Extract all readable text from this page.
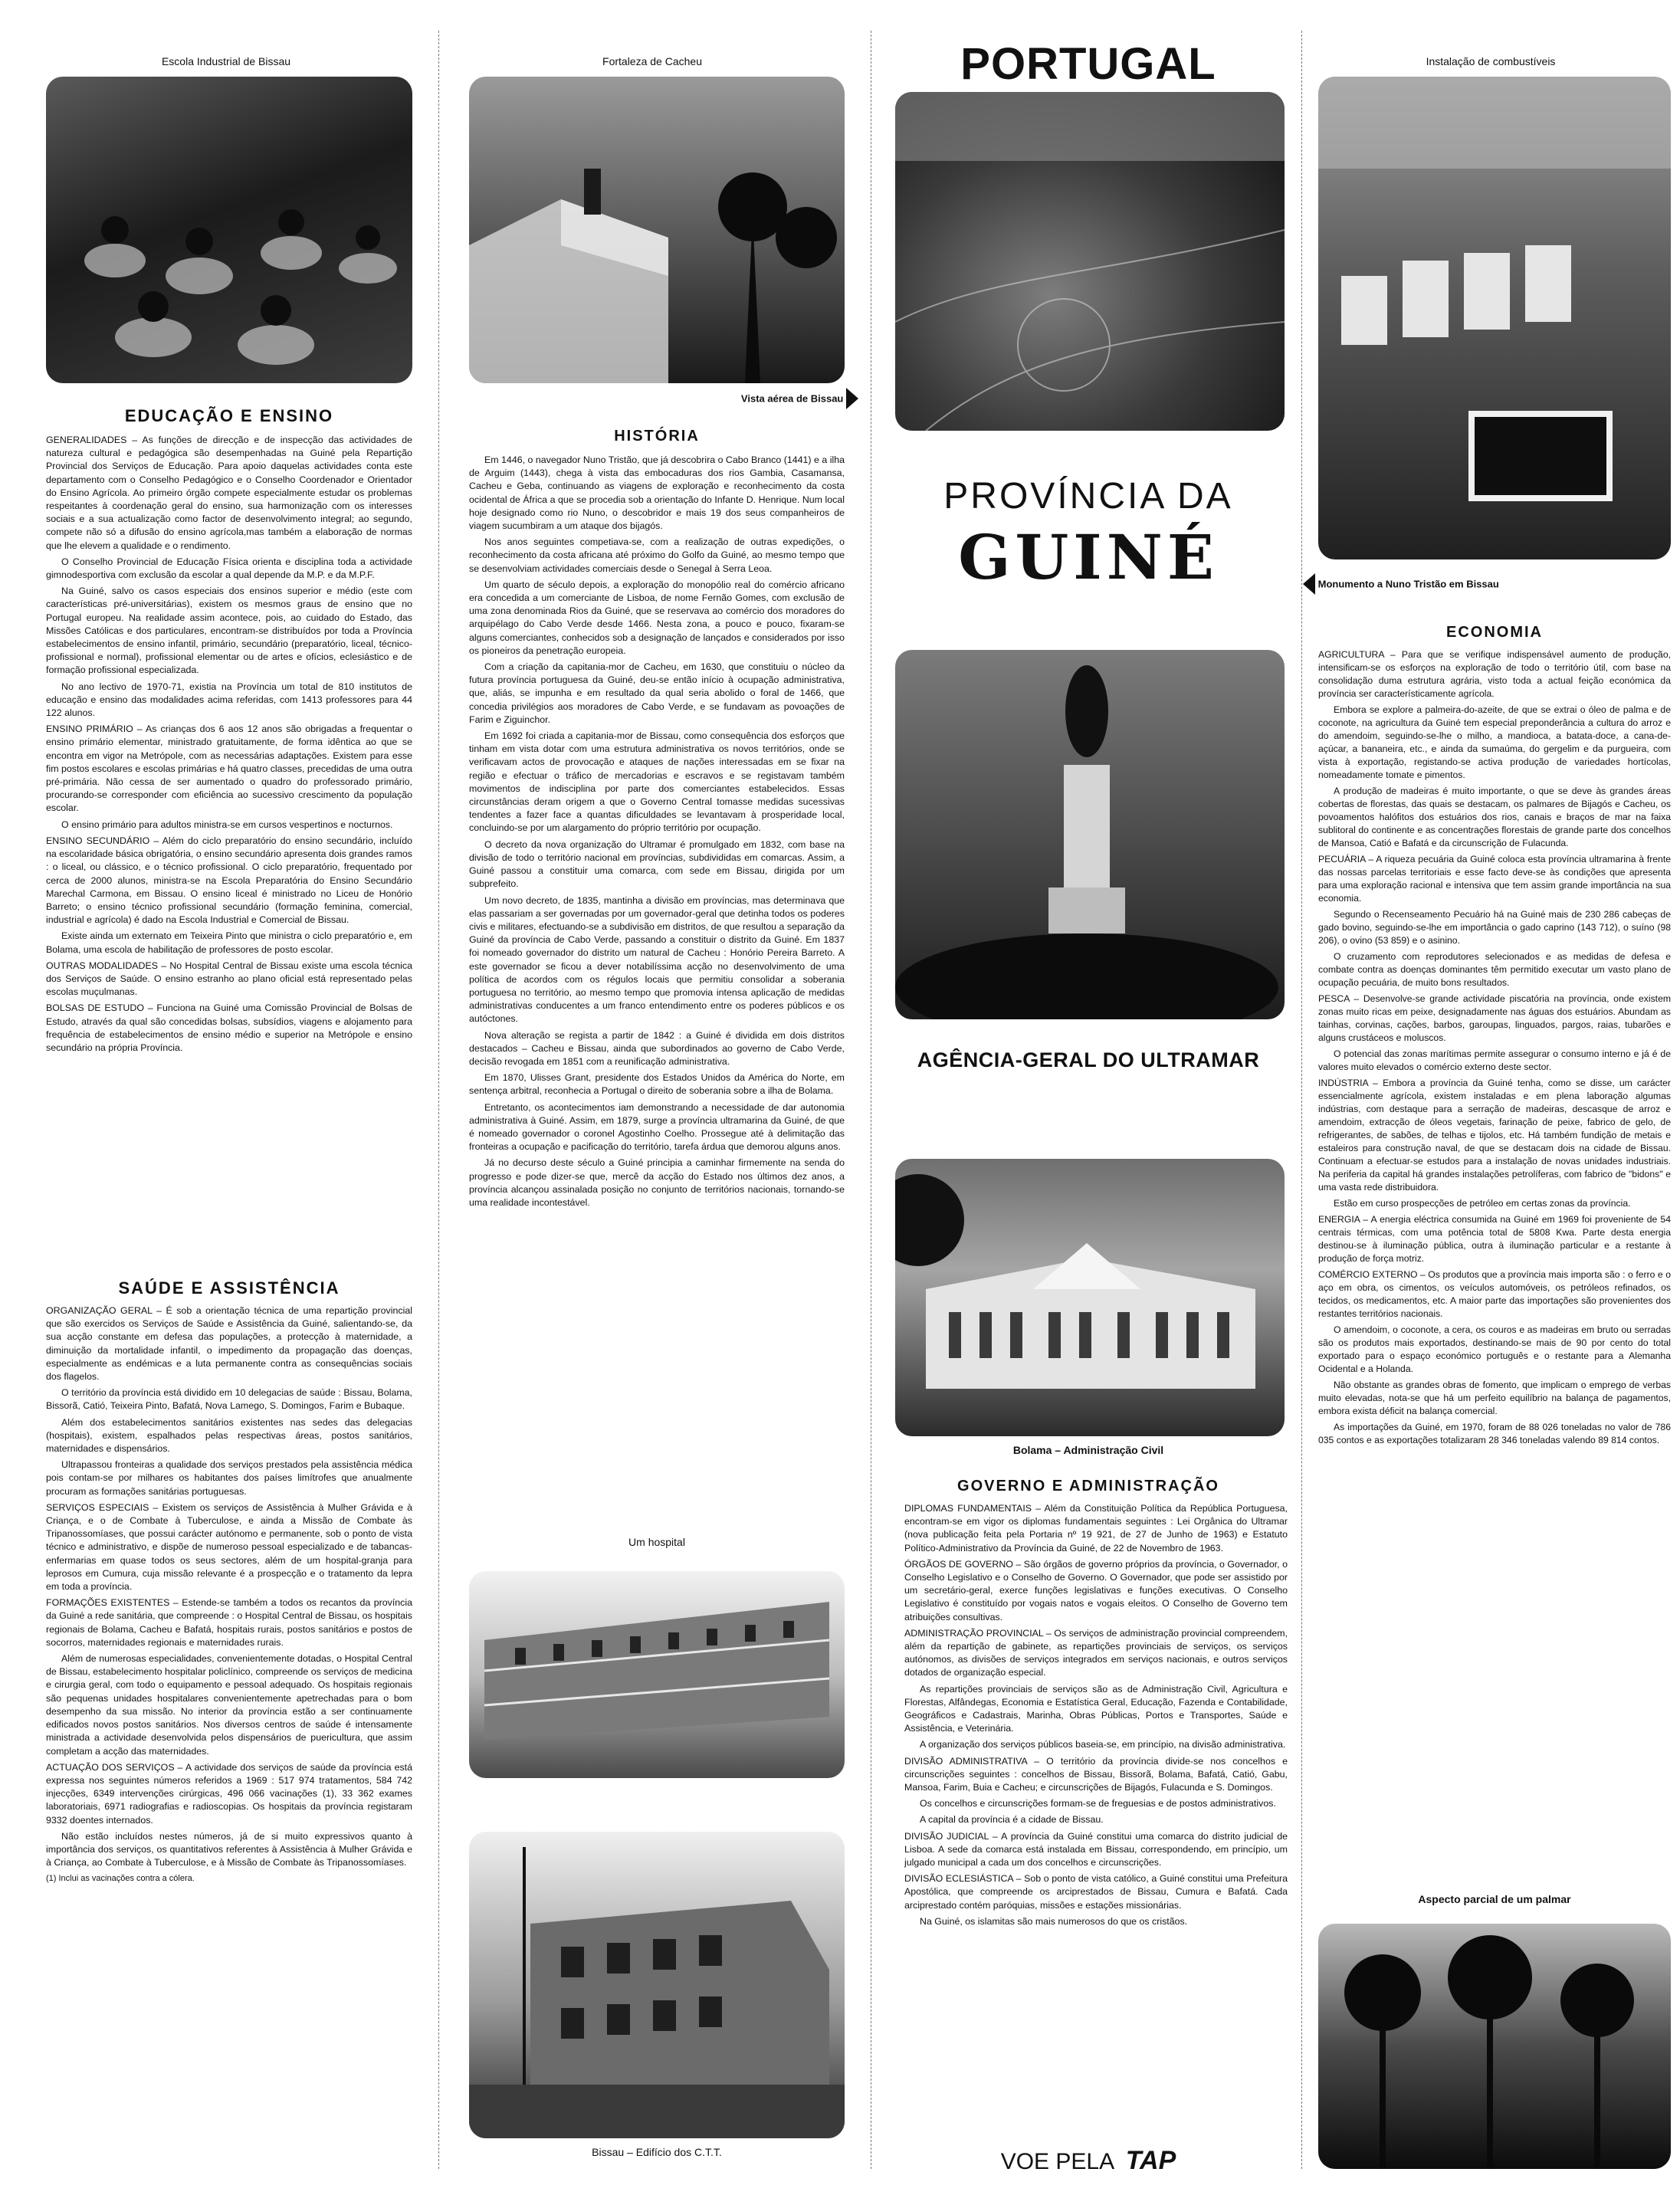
Escola Industrial de Bissau
EDUCAÇÃO E ENSINO

GENERALIDADES – As funções de direcção e de inspecção das actividades de natureza cultural e pedagógica são desempenhadas na Guiné pela Repartição Provincial dos Serviços de Educação. Para apoio daquelas actividades conta este departamento com o Conselho Pedagógico e o Conselho Coordenador e Orientador do Ensino Agrícola. Ao primeiro órgão compete especialmente estudar os problemas respeitantes à coordenação geral do ensino, sua harmonização com os interesses sociais e a sua actualização como factor de desenvolvimento integral; ao segundo, compete não só a difusão do ensino agrícola,mas também a elaboração de normas que lhe elevem a qualidade e o rendimento.

O Conselho Provincial de Educação Física orienta e disciplina toda a actividade gimnodesportiva com exclusão da escolar a qual depende da M.P. e da M.P.F.

Na Guiné, salvo os casos especiais dos ensinos superior e médio (este com características pré-universitárias), existem os mesmos graus de ensino que no Portugal europeu. Na realidade assim acontece, pois, ao cuidado do Estado, das Missões Católicas e dos particulares, encontram-se distribuídos por toda a Província estabelecimentos de ensino infantil, primário, secundário (preparatório, liceal, técnico-profissional e normal), profissional elementar ou de artes e ofícios, eclesiástico e de formação profissional especializada.

No ano lectivo de 1970-71, existia na Província um total de 810 institutos de educação e ensino das modalidades acima referidas, com 1413 professores para 44 122 alunos.

ENSINO PRIMÁRIO – As crianças dos 6 aos 12 anos são obrigadas a frequentar o ensino primário elementar, ministrado gratuitamente, de forma idêntica ao que se encontra em vigor na Metrópole, com as necessárias adaptações. Existem para esse fim postos escolares e escolas primárias e há quatro classes, precedidas de uma outra pré-primária. Não cessa de ser aumentado o quadro do professorado primário, procurando-se corresponder com eficiência ao sucessivo crescimento da população escolar.

O ensino primário para adultos ministra-se em cursos vespertinos e nocturnos.

ENSINO SECUNDÁRIO – Além do ciclo preparatório do ensino secundário, incluído na escolaridade básica obrigatória, o ensino secundário apresenta dois grandes ramos : o liceal, ou clássico, e o técnico profissional. O ciclo preparatório, frequentado por cerca de 2000 alunos, ministra-se na Escola Preparatória do Ensino Secundário Marechal Carmona, em Bissau. O ensino liceal é ministrado no Liceu de Honório Barreto; o ensino técnico profissional secundário (formação feminina, comercial, industrial e agrícola) é dado na Escola Industrial e Comercial de Bissau.

Existe ainda um externato em Teixeira Pinto que ministra o ciclo preparatório e, em Bolama, uma escola de habilitação de professores de posto escolar.

OUTRAS MODALIDADES – No Hospital Central de Bissau existe uma escola técnica dos Serviços de Saúde. O ensino estranho ao plano oficial está representado pelas escolas muçulmanas.

BOLSAS DE ESTUDO – Funciona na Guiné uma Comissão Provincial de Bolsas de Estudo, através da qual são concedidas bolsas, subsídios, viagens e alojamento para frequência de estabelecimentos de ensino médio e superior na Metrópole e ensino secundário na própria Província.

SAÚDE E ASSISTÊNCIA

ORGANIZAÇÃO GERAL – É sob a orientação técnica de uma repartição provincial que são exercidos os Serviços de Saúde e Assistência da Guiné, salientando-se, da sua acção constante em defesa das populações, a protecção à maternidade, a diminuição da mortalidade infantil, o impedimento da propagação das doenças, especialmente as endémicas e a luta permanente contra as consequências sociais dos flagelos.

O território da província está dividido em 10 delegacias de saúde : Bissau, Bolama, Bissorã, Catió, Teixeira Pinto, Bafatá, Nova Lamego, S. Domingos, Farim e Bubaque.

Além dos estabelecimentos sanitários existentes nas sedes das delegacias (hospitais), existem, espalhados pelas respectivas áreas, postos sanitários, maternidades e dispensários.

Ultrapassou fronteiras a qualidade dos serviços prestados pela assistência médica pois contam-se por milhares os habitantes dos países limítrofes que anualmente procuram as formações sanitárias portuguesas.

SERVIÇOS ESPECIAIS – Existem os serviços de Assistência à Mulher Grávida e à Criança, e o de Combate à Tuberculose, e ainda a Missão de Combate às Tripanossomíases, que possui carácter autónomo e permanente, sob o ponto de vista técnico e administrativo, e dispõe de numeroso pessoal especializado e de tabancas-enfermarias em quase todos os seus sectores, além de um hospital-granja para leprosos em Cumura, cuja missão relevante é a prospecção e o tratamento da lepra em toda a província.

FORMAÇÕES EXISTENTES – Estende-se também a todos os recantos da província da Guiné a rede sanitária, que compreende : o Hospital Central de Bissau, os hospitais regionais de Bolama, Cacheu e Bafatá, hospitais rurais, postos sanitários e postos de socorros, maternidades regionais e maternidades rurais.

Além de numerosas especialidades, convenientemente dotadas, o Hospital Central de Bissau, estabelecimento hospitalar policlínico, compreende os serviços de medicina e cirurgia geral, com todo o equipamento e pessoal adequado. Os hospitais regionais são pequenas unidades hospitalares convenientemente apetrechadas para o bom desempenho da sua missão. No interior da província estão a ser continuamente edificados novos postos sanitários. Nos diversos centros de saúde é intensamente ministrada a actividade desenvolvida pelos dispensários de puericultura, que assim completam a acção das maternidades.

ACTUAÇÃO DOS SERVIÇOS – A actividade dos serviços de saúde da província está expressa nos seguintes números referidos a 1969 : 517 974 tratamentos, 584 742 injecções, 6349 intervenções cirúrgicas, 496 066 vacinações (1), 33 362 exames laboratoriais, 6971 radiografias e radioscopias. Os hospitais da província registaram 9332 doentes internados.

Não estão incluídos nestes números, já de si muito expressivos quanto à importância dos serviços, os quantitativos referentes à Assistência à Mulher Grávida e à Criança, ao Combate à Tuberculose, e à Missão de Combate às Tripanossomíases.

(1) Inclui as vacinações contra a cólera.

Fortaleza de Cacheu
Vista aérea de Bissau
HISTÓRIA

Em 1446, o navegador Nuno Tristão, que já descobrira o Cabo Branco (1441) e a ilha de Arguim (1443), chega à vista das embocaduras dos rios Gambia, Casamansa, Cacheu e Geba, continuando as viagens de exploração e reconhecimento da costa ocidental de África a que se procedia sob a orientação do Infante D. Henrique. Num local hoje designado como rio Nuno, o descobridor e mais 19 dos seus companheiros de viagem sucumbiram a um ataque dos bijagós.

Nos anos seguintes competiava-se, com a realização de outras expedições, o reconhecimento da costa africana até próximo do Golfo da Guiné, ao mesmo tempo que se desenvolviam actividades comerciais desde o Senegal à Serra Leoa.

Um quarto de século depois, a exploração do monopólio real do comércio africano era concedida a um comerciante de Lisboa, de nome Fernão Gomes, com exclusão de uma zona denominada Rios da Guiné, que se reservava ao comércio dos moradores do arquipélago do Cabo Verde desde 1466. Nesta zona, a pouco e pouco, fixaram-se alguns comerciantes, conhecidos sob a designação de lançados e considerados por isso os pioneiros da penetração europeia.

Com a criação da capitania-mor de Cacheu, em 1630, que constituiu o núcleo da futura província portuguesa da Guiné, deu-se então início à ocupação administrativa, que, aliás, se impunha e em resultado da qual seria abolido o foral de 1466, que concedia privilégios aos moradores de Cabo Verde, e se fundavam as povoações de Farim e Ziguinchor.

Em 1692 foi criada a capitania-mor de Bissau, como consequência dos esforços que tinham em vista dotar com uma estrutura administrativa os novos territórios, onde se verificavam actos de provocação e ataques de nações interessadas em se fixar na região e efectuar o tráfico de mercadorias e escravos e se registavam também movimentos de indisciplina por parte dos comerciantes estabelecidos. Essas circunstâncias deram origem a que o Governo Central tomasse medidas sucessivas tendentes a fazer face a quantas dificuldades se levantavam à prosperidade local, concluindo-se por um alargamento do próprio território por ocupação.

O decreto da nova organização do Ultramar é promulgado em 1832, com base na divisão de todo o território nacional em províncias, subdivididas em comarcas. Assim, a Guiné passou a constituir uma comarca, com sede em Bissau, dirigida por um subprefeito.

Um novo decreto, de 1835, mantinha a divisão em províncias, mas determinava que elas passariam a ser governadas por um governador-geral que detinha todos os poderes civis e militares, efectuando-se a subdivisão em distritos, de que resultou a separação da Guiné da província de Cabo Verde, passando a constituir o distrito da Guiné. Em 1837 foi nomeado governador do distrito um natural de Cacheu : Honório Pereira Barreto. A este governador se ficou a dever notabilíssima acção no desenvolvimento de uma política de acordos com os régulos locais que permitiu consolidar a soberania portuguesa no território, ao mesmo tempo que promovia intensa aplicação de medidas administrativas conducentes a um franco entendimento entre os poderes públicos e os autóctones.

Nova alteração se regista a partir de 1842 : a Guiné é dividida em dois distritos destacados – Cacheu e Bissau, ainda que subordinados ao governo de Cabo Verde, decisão revogada em 1851 com a reunificação administrativa.

Em 1870, Ulisses Grant, presidente dos Estados Unidos da América do Norte, em sentença arbitral, reconhecia a Portugal o direito de soberania sobre a ilha de Bolama.

Entretanto, os acontecimentos iam demonstrando a necessidade de dar autonomia administrativa à Guiné. Assim, em 1879, surge a província ultramarina da Guiné, de que é nomeado governador o coronel Agostinho Coelho. Prossegue até à delimitação das fronteiras a ocupação e pacificação do território, tarefa árdua que demorou alguns anos.

Já no decurso deste século a Guiné principia a caminhar firmemente na senda do progresso e pode dizer-se que, mercê da acção do Estado nos últimos dez anos, a província alcançou assinalada posição no conjunto de territórios nacionais, tornando-se uma realidade incontestável.

Um hospital
Bissau – Edifício dos C.T.T.
PORTUGAL
PROVÍNCIA DA
GUINÉ
AGÊNCIA-GERAL DO ULTRAMAR
Bolama – Administração Civil
GOVERNO E ADMINISTRAÇÃO

DIPLOMAS FUNDAMENTAIS – Além da Constituição Política da República Portuguesa, encontram-se em vigor os diplomas fundamentais seguintes : Lei Orgânica do Ultramar (nova publicação feita pela Portaria nº 19 921, de 27 de Junho de 1963) e Estatuto Político-Administrativo da Província da Guiné, de 22 de Novembro de 1963.

ÓRGÃOS DE GOVERNO – São órgãos de governo próprios da província, o Governador, o Conselho Legislativo e o Conselho de Governo. O Governador, que pode ser assistido por um secretário-geral, exerce funções legislativas e funções executivas. O Conselho Legislativo é constituído por vogais natos e vogais eleitos. O Conselho de Governo tem atribuições consultivas.

ADMINISTRAÇÃO PROVINCIAL – Os serviços de administração provincial compreendem, além da repartição de gabinete, as repartições provinciais de serviços, os serviços autónomos, as divisões de serviços integrados em serviços nacionais, e outros serviços dotados de organização especial.

As repartições provinciais de serviços são as de Administração Civil, Agricultura e Florestas, Alfândegas, Economia e Estatística Geral, Educação, Fazenda e Contabilidade, Geográficos e Cadastrais, Marinha, Obras Públicas, Portos e Transportes, Saúde e Assistência, e Veterinária.

A organização dos serviços públicos baseia-se, em princípio, na divisão administrativa.

DIVISÃO ADMINISTRATIVA – O território da província divide-se nos concelhos e circunscrições seguintes : concelhos de Bissau, Bissorã, Bolama, Bafatá, Catió, Gabu, Mansoa, Farim, Buia e Cacheu; e circunscrições de Bijagós, Fulacunda e S. Domingos.

Os concelhos e circunscrições formam-se de freguesias e de postos administrativos.

A capital da província é a cidade de Bissau.

DIVISÃO JUDICIAL – A província da Guiné constitui uma comarca do distrito judicial de Lisboa. A sede da comarca está instalada em Bissau, correspondendo, em princípio, um julgado municipal a cada um dos concelhos e circunscrições.

DIVISÃO ECLESIÁSTICA – Sob o ponto de vista católico, a Guiné constitui uma Prefeitura Apostólica, que compreende os arciprestados de Bissau, Cumura e Bafatá. Cada arciprestado contém paróquias, missões e estações missionárias.

Na Guiné, os islamitas são mais numerosos do que os cristãos.

VOE PELA TAP
Instalação de combustíveis
Monumento a Nuno Tristão em Bissau
ECONOMIA

AGRICULTURA – Para que se verifique indispensável aumento de produção, intensificam-se os esforços na exploração de todo o território útil, com base na consolidação duma estrutura agrária, visto toda a actual feição económica da província ser característicamente agrícola.

Embora se explore a palmeira-do-azeite, de que se extrai o óleo de palma e de coconote, na agricultura da Guiné tem especial preponderância a cultura do arroz e do amendoim, seguindo-se-lhe o milho, a mandioca, a batata-doce, a cana-de-açúcar, a bananeira, etc., e ainda da sumaúma, do gergelim e da purgueira, com vista à exportação, registando-se activa produção de variedades hortícolas, nomeadamente tomate e pimentos.

A produção de madeiras é muito importante, o que se deve às grandes áreas cobertas de florestas, das quais se destacam, os palmares de Bijagós e Cacheu, os povoamentos halófitos dos estuários dos rios, canais e braços de mar na faixa sublitoral do continente e as concentrações florestais de grande parte dos concelhos de Mansoa, Catió e Bafatá e da circunscrição de Fulacunda.

PECUÁRIA – A riqueza pecuária da Guiné coloca esta província ultramarina à frente das nossas parcelas territoriais e esse facto deve-se às condições que apresenta para uma exploração racional e intensiva que tem assim grande importância na sua economia.

Segundo o Recenseamento Pecuário há na Guiné mais de 230 286 cabeças de gado bovino, seguindo-se-lhe em importância o gado caprino (143 712), o suíno (98 206), o ovino (53 859) e o asinino.

O cruzamento com reprodutores selecionados e as medidas de defesa e combate contra as doenças dominantes têm permitido executar um vasto plano de ocupação pecuária, de muito bons resultados.

PESCA – Desenvolve-se grande actividade piscatória na província, onde existem zonas muito ricas em peixe, designadamente nas águas dos estuários. Abundam as tainhas, corvinas, cações, barbos, garoupas, linguados, pargos, raias, tubarões e alguns crustáceos e moluscos.

O potencial das zonas marítimas permite assegurar o consumo interno e já é de valores muito elevados o comércio externo deste sector.

INDÚSTRIA – Embora a província da Guiné tenha, como se disse, um carácter essencialmente agrícola, existem instaladas e em plena laboração algumas indústrias, com destaque para a serração de madeiras, descasque de arroz e amendoim, extracção de óleos vegetais, farinação de peixe, fabrico de gelo, de refrigerantes, de sabões, de telhas e tijolos, etc. Há também fundição de metais e estaleiros para construção naval, de que se destacam dois na cidade de Bissau. Continuam a efectuar-se estudos para a instalação de novas unidades industriais. Na periferia da capital há grandes instalações petrolíferas, com fabrico de "bidons" e uma vasta rede distribuidora.

Estão em curso prospecções de petróleo em certas zonas da província.

ENERGIA – A energia eléctrica consumida na Guiné em 1969 foi proveniente de 54 centrais térmicas, com uma potência total de 5808 Kwa. Parte desta energia destinou-se à iluminação pública, outra à iluminação particular e a restante à produção de força motriz.

COMÉRCIO EXTERNO – Os produtos que a província mais importa são : o ferro e o aço em obra, os cimentos, os veículos automóveis, os petróleos refinados, os tecidos, os medicamentos, etc. A maior parte das importações são provenientes dos restantes territórios nacionais.

O amendoim, o coconote, a cera, os couros e as madeiras em bruto ou serradas são os produtos mais exportados, destinando-se mais de 90 por cento do total exportado para o espaço económico português e o restante para a Alemanha Ocidental e a Holanda.

Não obstante as grandes obras de fomento, que implicam o emprego de verbas muito elevadas, nota-se que há um perfeito equilíbrio na balança de pagamentos, embora exista déficit na balança comercial.

As importações da Guiné, em 1970, foram de 88 026 toneladas no valor de 786 035 contos e as exportações totalizaram 28 346 toneladas valendo 89 814 contos.

Aspecto parcial de um palmar
